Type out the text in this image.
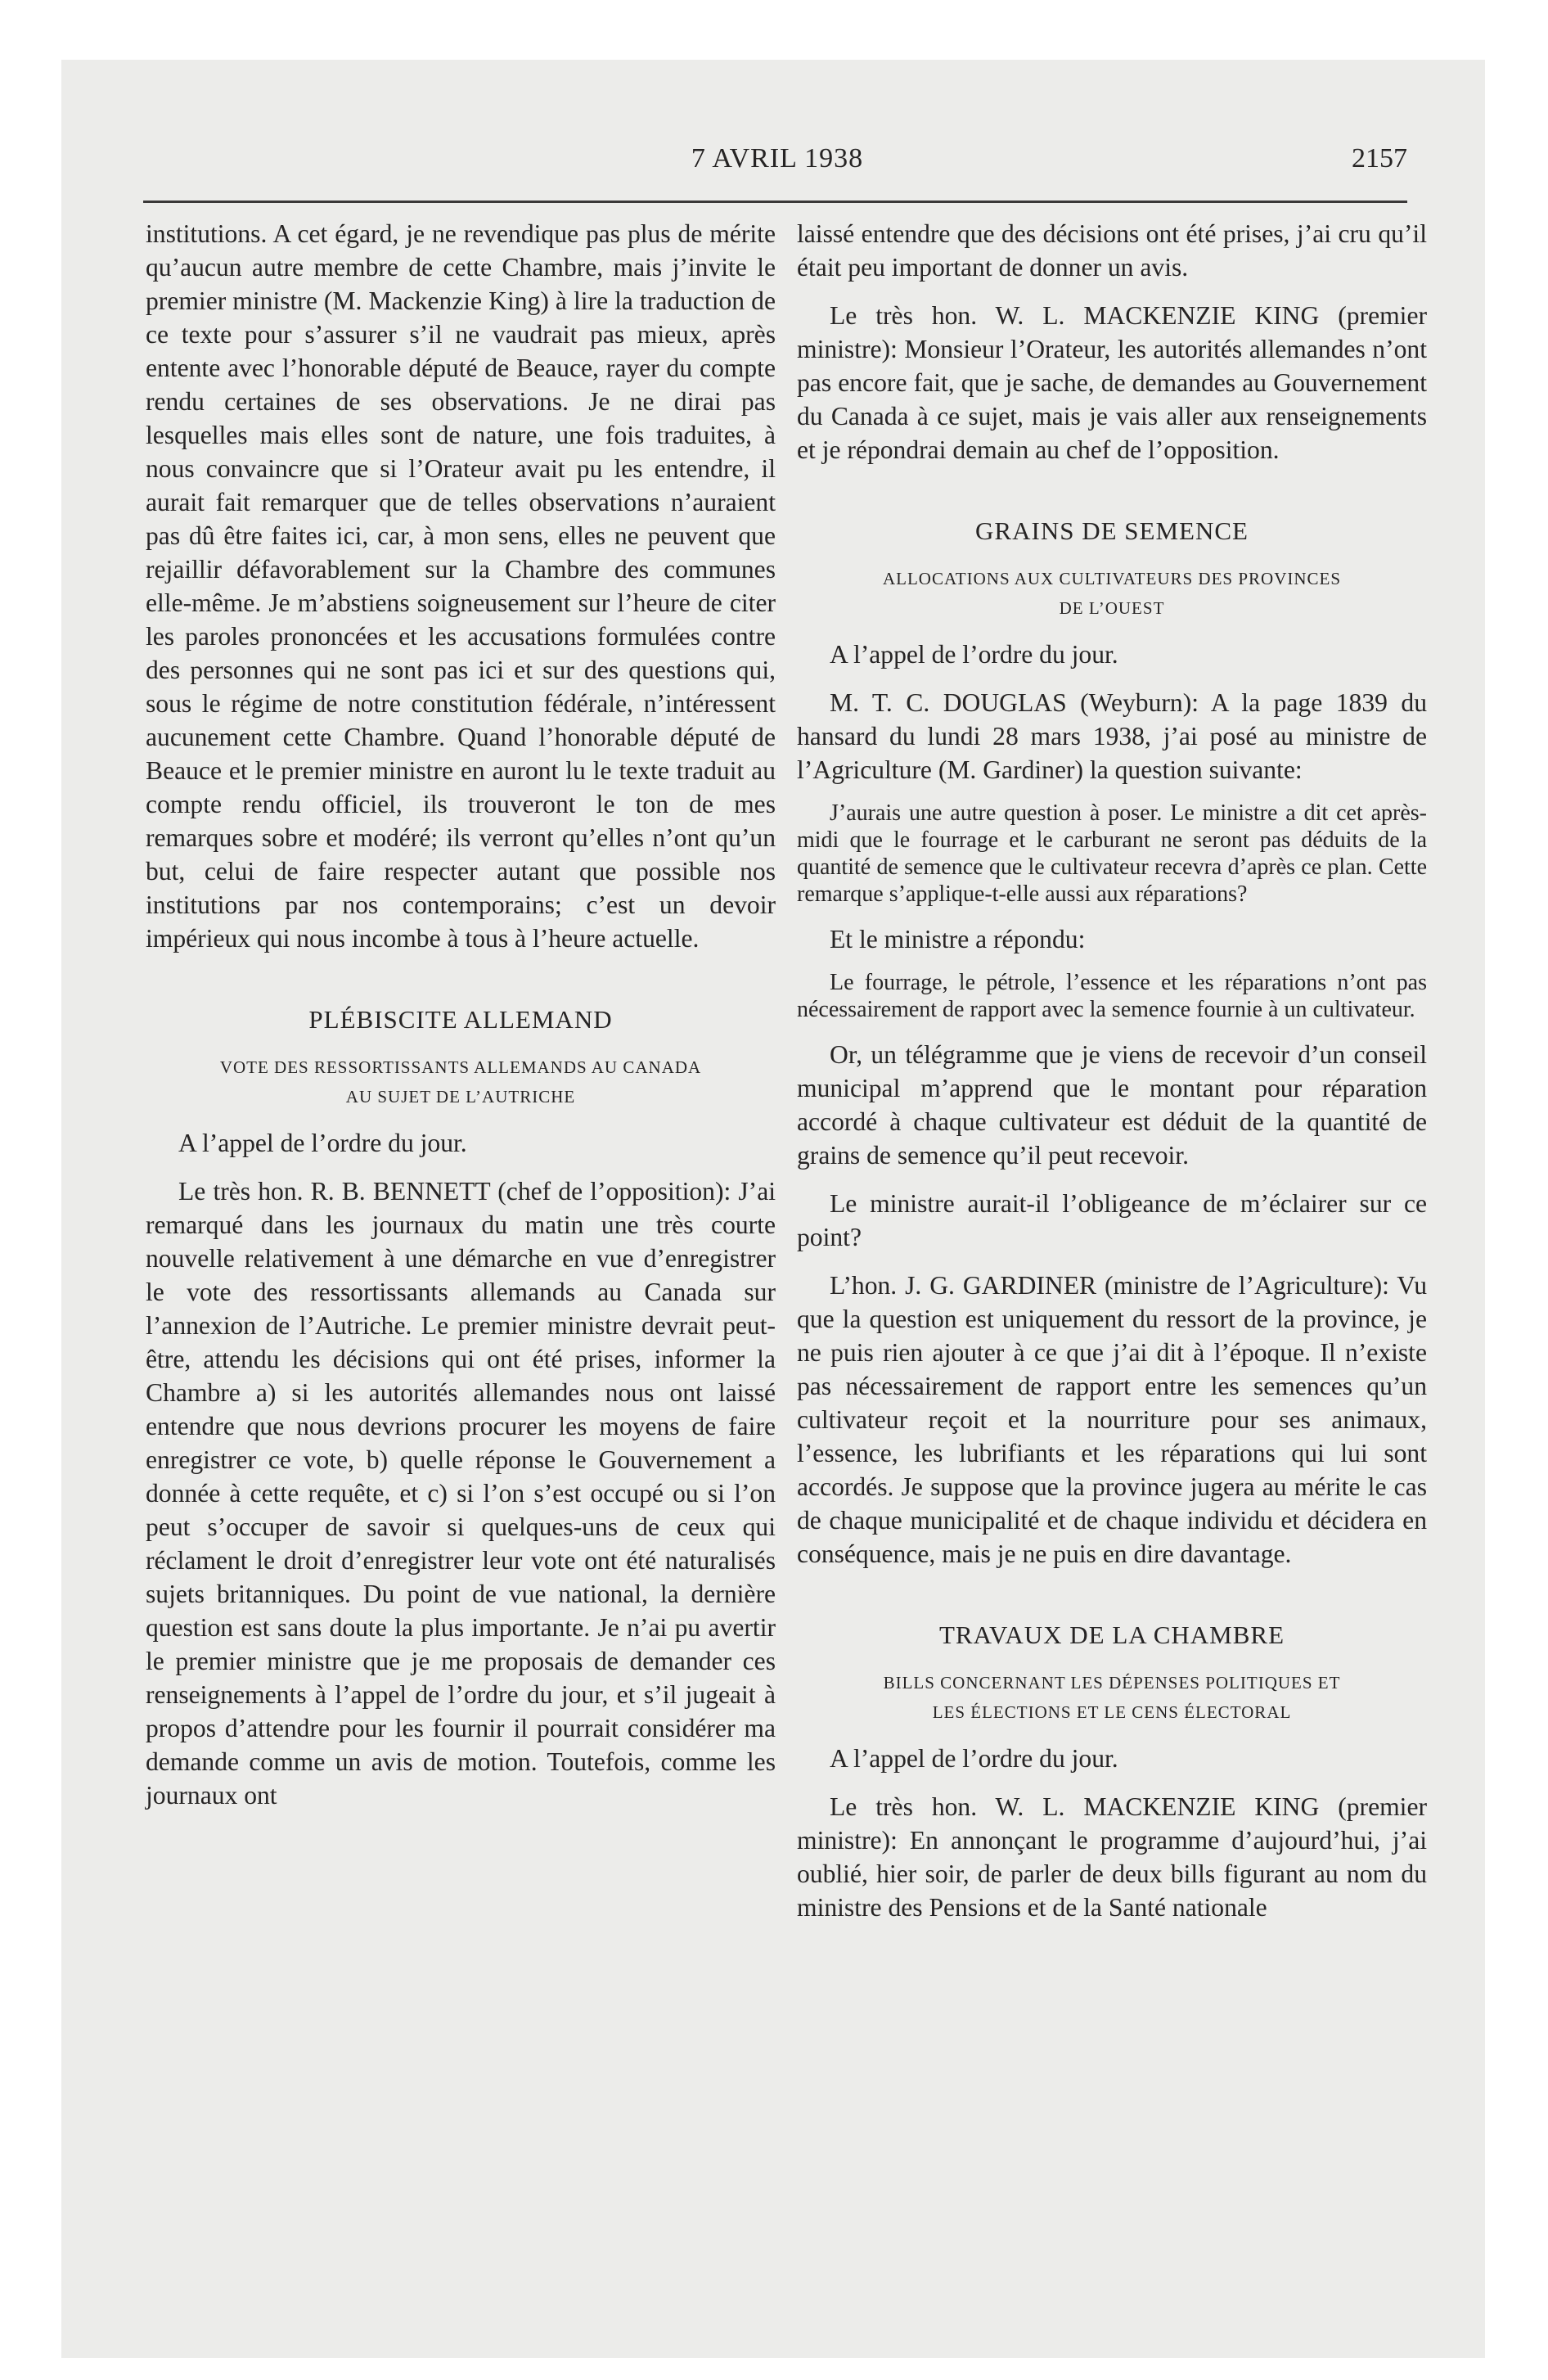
7 AVRIL 1938	2157

institutions. A cet égard, je ne revendique pas plus de mérite qu’aucun autre membre de cette Chambre, mais j’invite le premier ministre (M. Mackenzie King) à lire la traduction de ce texte pour s’assurer s’il ne vaudrait pas mieux, après entente avec l’honorable député de Beauce, rayer du compte rendu certaines de ses observations. Je ne dirai pas lesquelles mais elles sont de nature, une fois traduites, à nous convaincre que si l’Orateur avait pu les entendre, il aurait fait remarquer que de telles observations n’auraient pas dû être faites ici, car, à mon sens, elles ne peuvent que rejaillir défavorablement sur la Chambre des communes elle-même. Je m’abstiens soigneusement sur l’heure de citer les paroles prononcées et les accusations formulées contre des personnes qui ne sont pas ici et sur des questions qui, sous le régime de notre constitution fédérale, n’intéressent aucunement cette Chambre. Quand l’honorable député de Beauce et le premier ministre en auront lu le texte traduit au compte rendu officiel, ils trouveront le ton de mes remarques sobre et modéré; ils verront qu’elles n’ont qu’un but, celui de faire respecter autant que possible nos institutions par nos contemporains; c’est un devoir impérieux qui nous incombe à tous à l’heure actuelle.

PLÉBISCITE ALLEMAND
VOTE DES RESSORTISSANTS ALLEMANDS AU CANADA
AU SUJET DE L’AUTRICHE

A l’appel de l’ordre du jour.

Le très hon. R. B. BENNETT (chef de l’opposition): J’ai remarqué dans les journaux du matin une très courte nouvelle relativement à une démarche en vue d’enregistrer le vote des ressortissants allemands au Canada sur l’annexion de l’Autriche. Le premier ministre devrait peut-être, attendu les décisions qui ont été prises, informer la Chambre a) si les autorités allemandes nous ont laissé entendre que nous devrions procurer les moyens de faire enregistrer ce vote, b) quelle réponse le Gouvernement a donnée à cette requête, et c) si l’on s’est occupé ou si l’on peut s’occuper de savoir si quelques-uns de ceux qui réclament le droit d’enregistrer leur vote ont été naturalisés sujets britanniques. Du point de vue national, la dernière question est sans doute la plus importante. Je n’ai pu avertir le premier ministre que je me proposais de demander ces renseignements à l’appel de l’ordre du jour, et s’il jugeait à propos d’attendre pour les fournir il pourrait considérer ma demande comme un avis de motion. Toutefois, comme les journaux ont

laissé entendre que des décisions ont été prises, j’ai cru qu’il était peu important de donner un avis.

Le très hon. W. L. MACKENZIE KING (premier ministre): Monsieur l’Orateur, les autorités allemandes n’ont pas encore fait, que je sache, de demandes au Gouvernement du Canada à ce sujet, mais je vais aller aux renseignements et je répondrai demain au chef de l’opposition.

GRAINS DE SEMENCE
ALLOCATIONS AUX CULTIVATEURS DES PROVINCES
DE L’OUEST

A l’appel de l’ordre du jour.

M. T. C. DOUGLAS (Weyburn): A la page 1839 du hansard du lundi 28 mars 1938, j’ai posé au ministre de l’Agriculture (M. Gardiner) la question suivante:

J’aurais une autre question à poser. Le ministre a dit cet après-midi que le fourrage et le carburant ne seront pas déduits de la quantité de semence que le cultivateur recevra d’après ce plan. Cette remarque s’applique-t-elle aussi aux réparations?

Et le ministre a répondu:

Le fourrage, le pétrole, l’essence et les réparations n’ont pas nécessairement de rapport avec la semence fournie à un cultivateur.

Or, un télégramme que je viens de recevoir d’un conseil municipal m’apprend que le montant pour réparation accordé à chaque cultivateur est déduit de la quantité de grains de semence qu’il peut recevoir.

Le ministre aurait-il l’obligeance de m’éclairer sur ce point?

L’hon. J. G. GARDINER (ministre de l’Agriculture): Vu que la question est uniquement du ressort de la province, je ne puis rien ajouter à ce que j’ai dit à l’époque. Il n’existe pas nécessairement de rapport entre les semences qu’un cultivateur reçoit et la nourriture pour ses animaux, l’essence, les lubrifiants et les réparations qui lui sont accordés. Je suppose que la province jugera au mérite le cas de chaque municipalité et de chaque individu et décidera en conséquence, mais je ne puis en dire davantage.

TRAVAUX DE LA CHAMBRE
BILLS CONCERNANT LES DÉPENSES POLITIQUES ET
LES ÉLECTIONS ET LE CENS ÉLECTORAL

A l’appel de l’ordre du jour.

Le très hon. W. L. MACKENZIE KING (premier ministre): En annonçant le programme d’aujourd’hui, j’ai oublié, hier soir, de parler de deux bills figurant au nom du ministre des Pensions et de la Santé nationale
